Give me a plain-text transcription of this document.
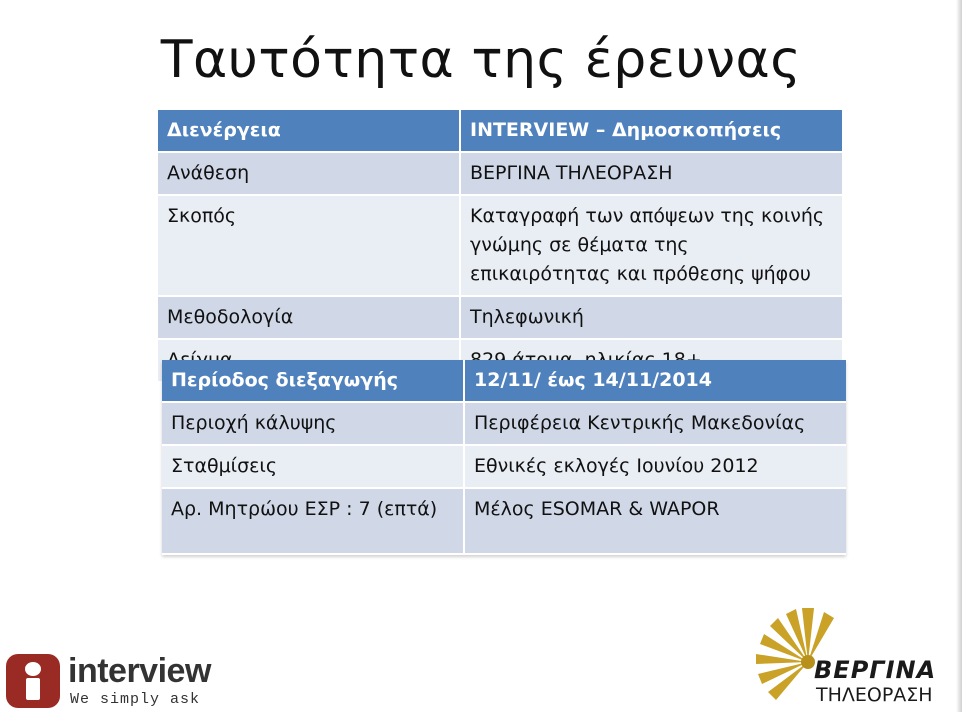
Ταυτότητα της έρευνας
Διενέργεια	INTERVIEW – Δημοσκοπήσεις
Ανάθεση	ΒΕΡΓΙΝΑ ΤΗΛΕΟΡΑΣΗ
Σκοπός	Καταγραφή των απόψεων της κοινής
γνώμης σε θέματα της
επικαιρότητας και πρόθεσης ψήφου

Μεθοδολογία	Τηλεφωνική

Περίοδος διεξαγωγής	12/11/ έως 14/11/2014
Περιοχή κάλυψης	Περιφέρεια Κεντρικής Μακεδονίας
Σταθμίσεις	Εθνικές εκλογές Ιουνίου 2012
Αρ. Μητρώου ΕΣΡ : 7 (επτά)	Μέλος ESOMAR & WAPOR
interview
We simply ask
ΒΕΡΓΙΝΑ
ΤΗΛΕΟΡΑΣΗ
